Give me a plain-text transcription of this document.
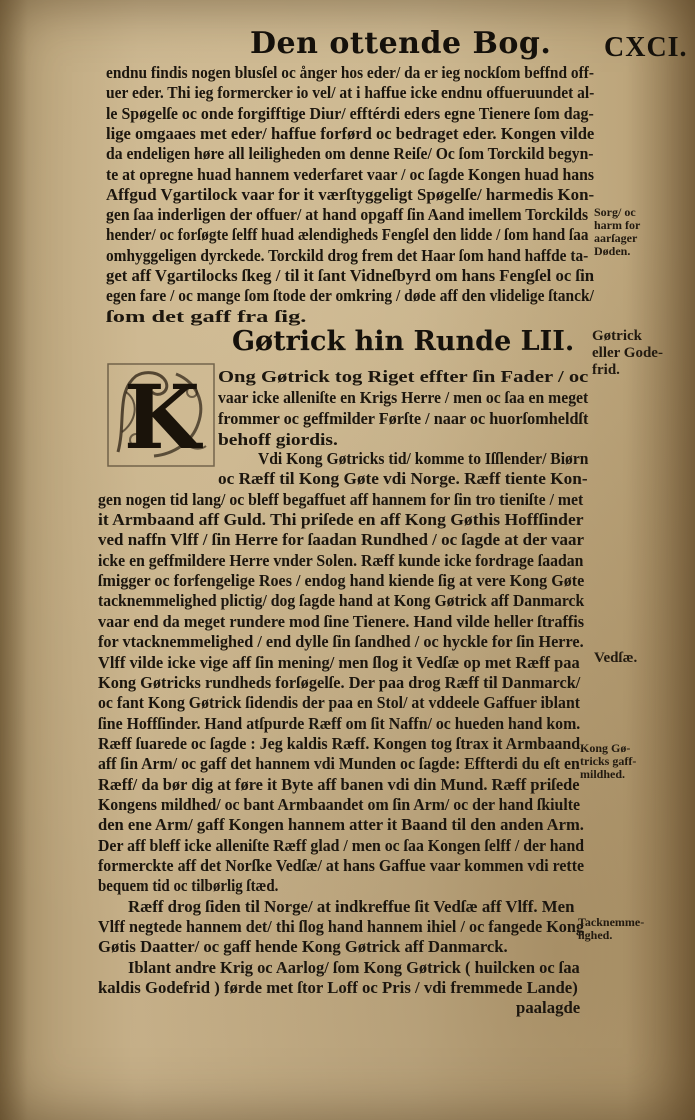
Den ottende Bog. CXCI.
endnu findis nogen blusſel oc ånger hos eder/ da er ieg nockſom beffnd off-
uer eder. Thi ieg formercker io vel/ at i haffue icke endnu offueruundet al-
le Spøgelſe oc onde forgifftige Diur/ efftérdi eders egne Tienere ſom dag-
lige omgaaes met eder/ haffue forførd oc bedraget eder. Kongen vilde
da endeligen høre all leiligheden om denne Reiſe/ Oc ſom Torckild begyn-
te at opregne huad hannem vederfaret vaar / oc ſagde Kongen huad hans
Affgud Vgartilock vaar for it værſtyggeligt Spøgelſe/ harmedis Kon-
gen ſaa inderligen der offuer/ at hand opgaff ſin Aand imellem Torckilds
hender/ oc forſøgte ſelff huad ælendigheds Fengſel den lidde / ſom hand ſaa
omhyggeligen dyrckede. Torckild drog frem det Haar ſom hand haffde ta-
get aff Vgartilocks ſkeg / til it ſant Vidneſbyrd om hans Fengſel oc ſin
egen fare / oc mange ſom ſtode der omkring / døde aff den vlidelige ſtanck/
ſom det gaff fra ſig.
Sorg/ oc
harm for
aarſager
Døden.
Gøtrick hin Runde LII. Gøtrick
eller Gode-
frid.
K Ong Gøtrick tog Riget effter ſin Fader / oc
vaar icke alleniſte en Krigs Herre / men oc ſaa en meget
frommer oc geffmilder Førſte / naar oc huorſomheldſt
behoff giordis.
Vdi Kong Gøtricks tid/ komme to Iſſlender/ Biørn
oc Ræff til Kong Gøte vdi Norge. Ræff tiente Kon-
gen nogen tid lang/ oc bleff begaffuet aff hannem for ſin tro tieniſte / met
it Armbaand aff Guld. Thi priſede en aff Kong Gøthis Hoffſinder
ved naffn Vlff / ſin Herre for ſaadan Rundhed / oc ſagde at der vaar
icke en geffmildere Herre vnder Solen. Ræff kunde icke fordrage ſaadan
ſmigger oc forfengelige Roes / endog hand kiende ſig at vere Kong Gøte
tacknemmelighed plictig/ dog ſagde hand at Kong Gøtrick aff Danmarck
vaar end da meget rundere mod ſine Tienere. Hand vilde heller ſtraffis
for vtacknemmelighed / end dylle ſin ſandhed / oc hyckle for ſin Herre.
Vlff vilde icke vige aff ſin mening/ men ſlog it Vedſæ op met Ræff paa
Kong Gøtricks rundheds forſøgelſe. Der paa drog Ræff til Danmarck/
oc fant Kong Gøtrick ſidendis der paa en Stol/ at vddeele Gaffuer iblant
ſine Hoffſinder. Hand atſpurde Ræff om ſit Naffn/ oc hueden hand kom.
Ræff ſuarede oc ſagde : Jeg kaldis Ræff. Kongen tog ſtrax it Armbaand
aff ſin Arm/ oc gaff det hannem vdi Munden oc ſagde: Effterdi du eſt en
Ræff/ da bør dig at føre it Byte aff banen vdi din Mund. Ræff priſede
Kongens mildhed/ oc bant Armbaandet om ſin Arm/ oc der hand ſkiulte
den ene Arm/ gaff Kongen hannem atter it Baand til den anden Arm.
Der aff bleff icke alleniſte Ræff glad / men oc ſaa Kongen ſelff / der hand
formerckte aff det Norſke Vedſæ/ at hans Gaffue vaar kommen vdi rette
bequem tid oc tilbørlig ſtæd.
Ræff drog ſiden til Norge/ at indkreffue ſit Vedſæ aff Vlff. Men
Vlff negtede hannem det/ thi ſlog hand hannem ihiel / oc fangede Kong
Gøtis Daatter/ oc gaff hende Kong Gøtrick aff Danmarck.
Iblant andre Krig oc Aarlog/ ſom Kong Gøtrick ( huilcken oc ſaa
kaldis Godefrid ) førde met ſtor Loff oc Pris / vdi fremmede Lande)
paalagde
Vedſæ.
Kong Gø-
tricks gaff-
mildhed.
Tacknemme-
lighed.
